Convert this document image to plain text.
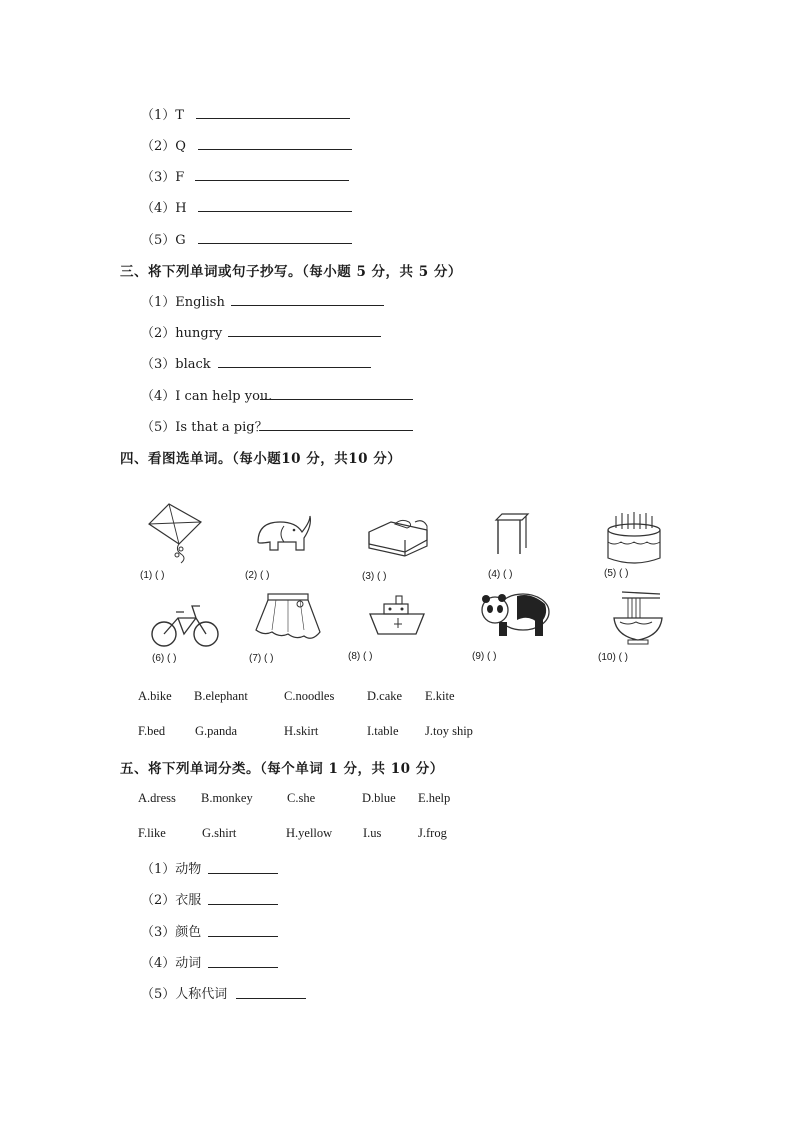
（1）T
（2）Q
（3）F
（4）H
（5）G
三、将下列单词或句子抄写。（每小题 5 分，共 5 分）
（1）English
（2）hungry
（3）black
（4）I can help you.
（5）Is that a pig？
四、看图选单词。（每小题10 分，共10 分）
(1) ( )	(2) ( )	(3) ( )	(4) ( )	(5) ( )
(6) ( )	(7) ( )	(8) ( )	(9) ( )	(10) ( )
A.bike B.elephant	C.noodles	D.cake E.kite
F.bed G.panda	H.skirt	I.table J.toy ship
五、将下列单词分类。（每个单词 1 分，共 10 分）
A.dress B.monkey	C.she	D.blue E.help
F.like	G.shirt	H.yellow I.us	J.frog
（1）动物
（2）衣服
（3）颜色
（4）动词
（5）人称代词
